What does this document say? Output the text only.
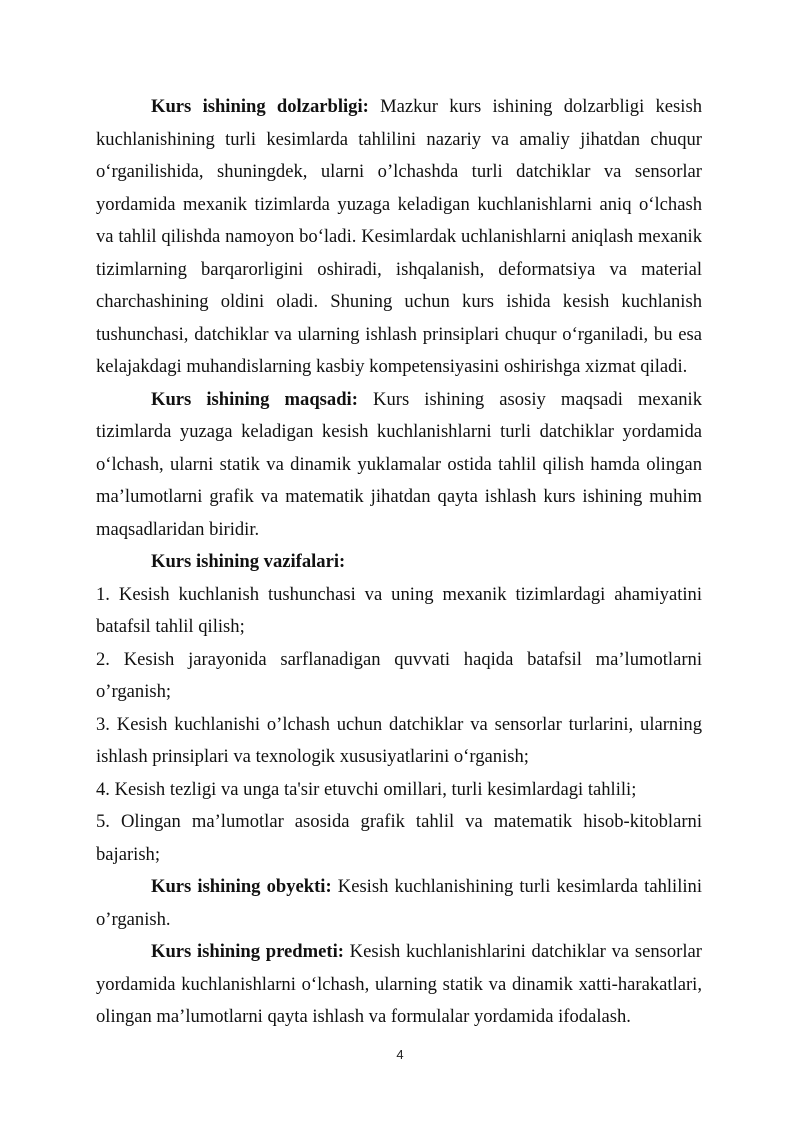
Kurs ishining dolzarbligi: Mazkur kurs ishining dolzarbligi kesish kuchlanishining turli kesimlarda tahlilini nazariy va amaliy jihatdan chuqur o‘rganilishida, shuningdek, ularni o’lchashda turli datchiklar va sensorlar yordamida mexanik tizimlarda yuzaga keladigan kuchlanishlarni aniq o‘lchash va tahlil qilishda namoyon bo‘ladi. Kesimlardak uchlanishlarni aniqlash mexanik tizimlarning barqarorligini oshiradi, ishqalanish, deformatsiya va material charchashining oldini oladi. Shuning uchun kurs ishida kesish kuchlanish tushunchasi, datchiklar va ularning ishlash prinsiplari chuqur o‘rganiladi, bu esa kelajakdagi muhandislarning kasbiy kompetensiyasini oshirishga xizmat qiladi.

Kurs ishining maqsadi: Kurs ishining asosiy maqsadi mexanik tizimlarda yuzaga keladigan kesish kuchlanishlarni turli datchiklar yordamida o‘lchash, ularni statik va dinamik yuklamalar ostida tahlil qilish hamda olingan ma’lumotlarni grafik va matematik jihatdan qayta ishlash kurs ishining muhim maqsadlaridan biridir.

Kurs ishining vazifalari:

1. Kesish kuchlanish tushunchasi va uning mexanik tizimlardagi ahamiyatini batafsil tahlil qilish;

2. Kesish jarayonida sarflanadigan quvvati haqida batafsil ma’lumotlarni o’rganish;

3. Kesish kuchlanishi o’lchash uchun datchiklar va sensorlar turlarini, ularning ishlash prinsiplari va texnologik xususiyatlarini o‘rganish;

4. Kesish tezligi va unga ta'sir etuvchi omillari, turli kesimlardagi tahlili;

5. Olingan ma’lumotlar asosida grafik tahlil va matematik hisob-kitoblarni bajarish;

Kurs ishining obyekti: Kesish kuchlanishining turli kesimlarda tahlilini o’rganish.

Kurs ishining predmeti: Kesish kuchlanishlarini datchiklar va sensorlar yordamida kuchlanishlarni o‘lchash, ularning statik va dinamik xatti-harakatlari, olingan ma’lumotlarni qayta ishlash va formulalar yordamida ifodalash.

4
